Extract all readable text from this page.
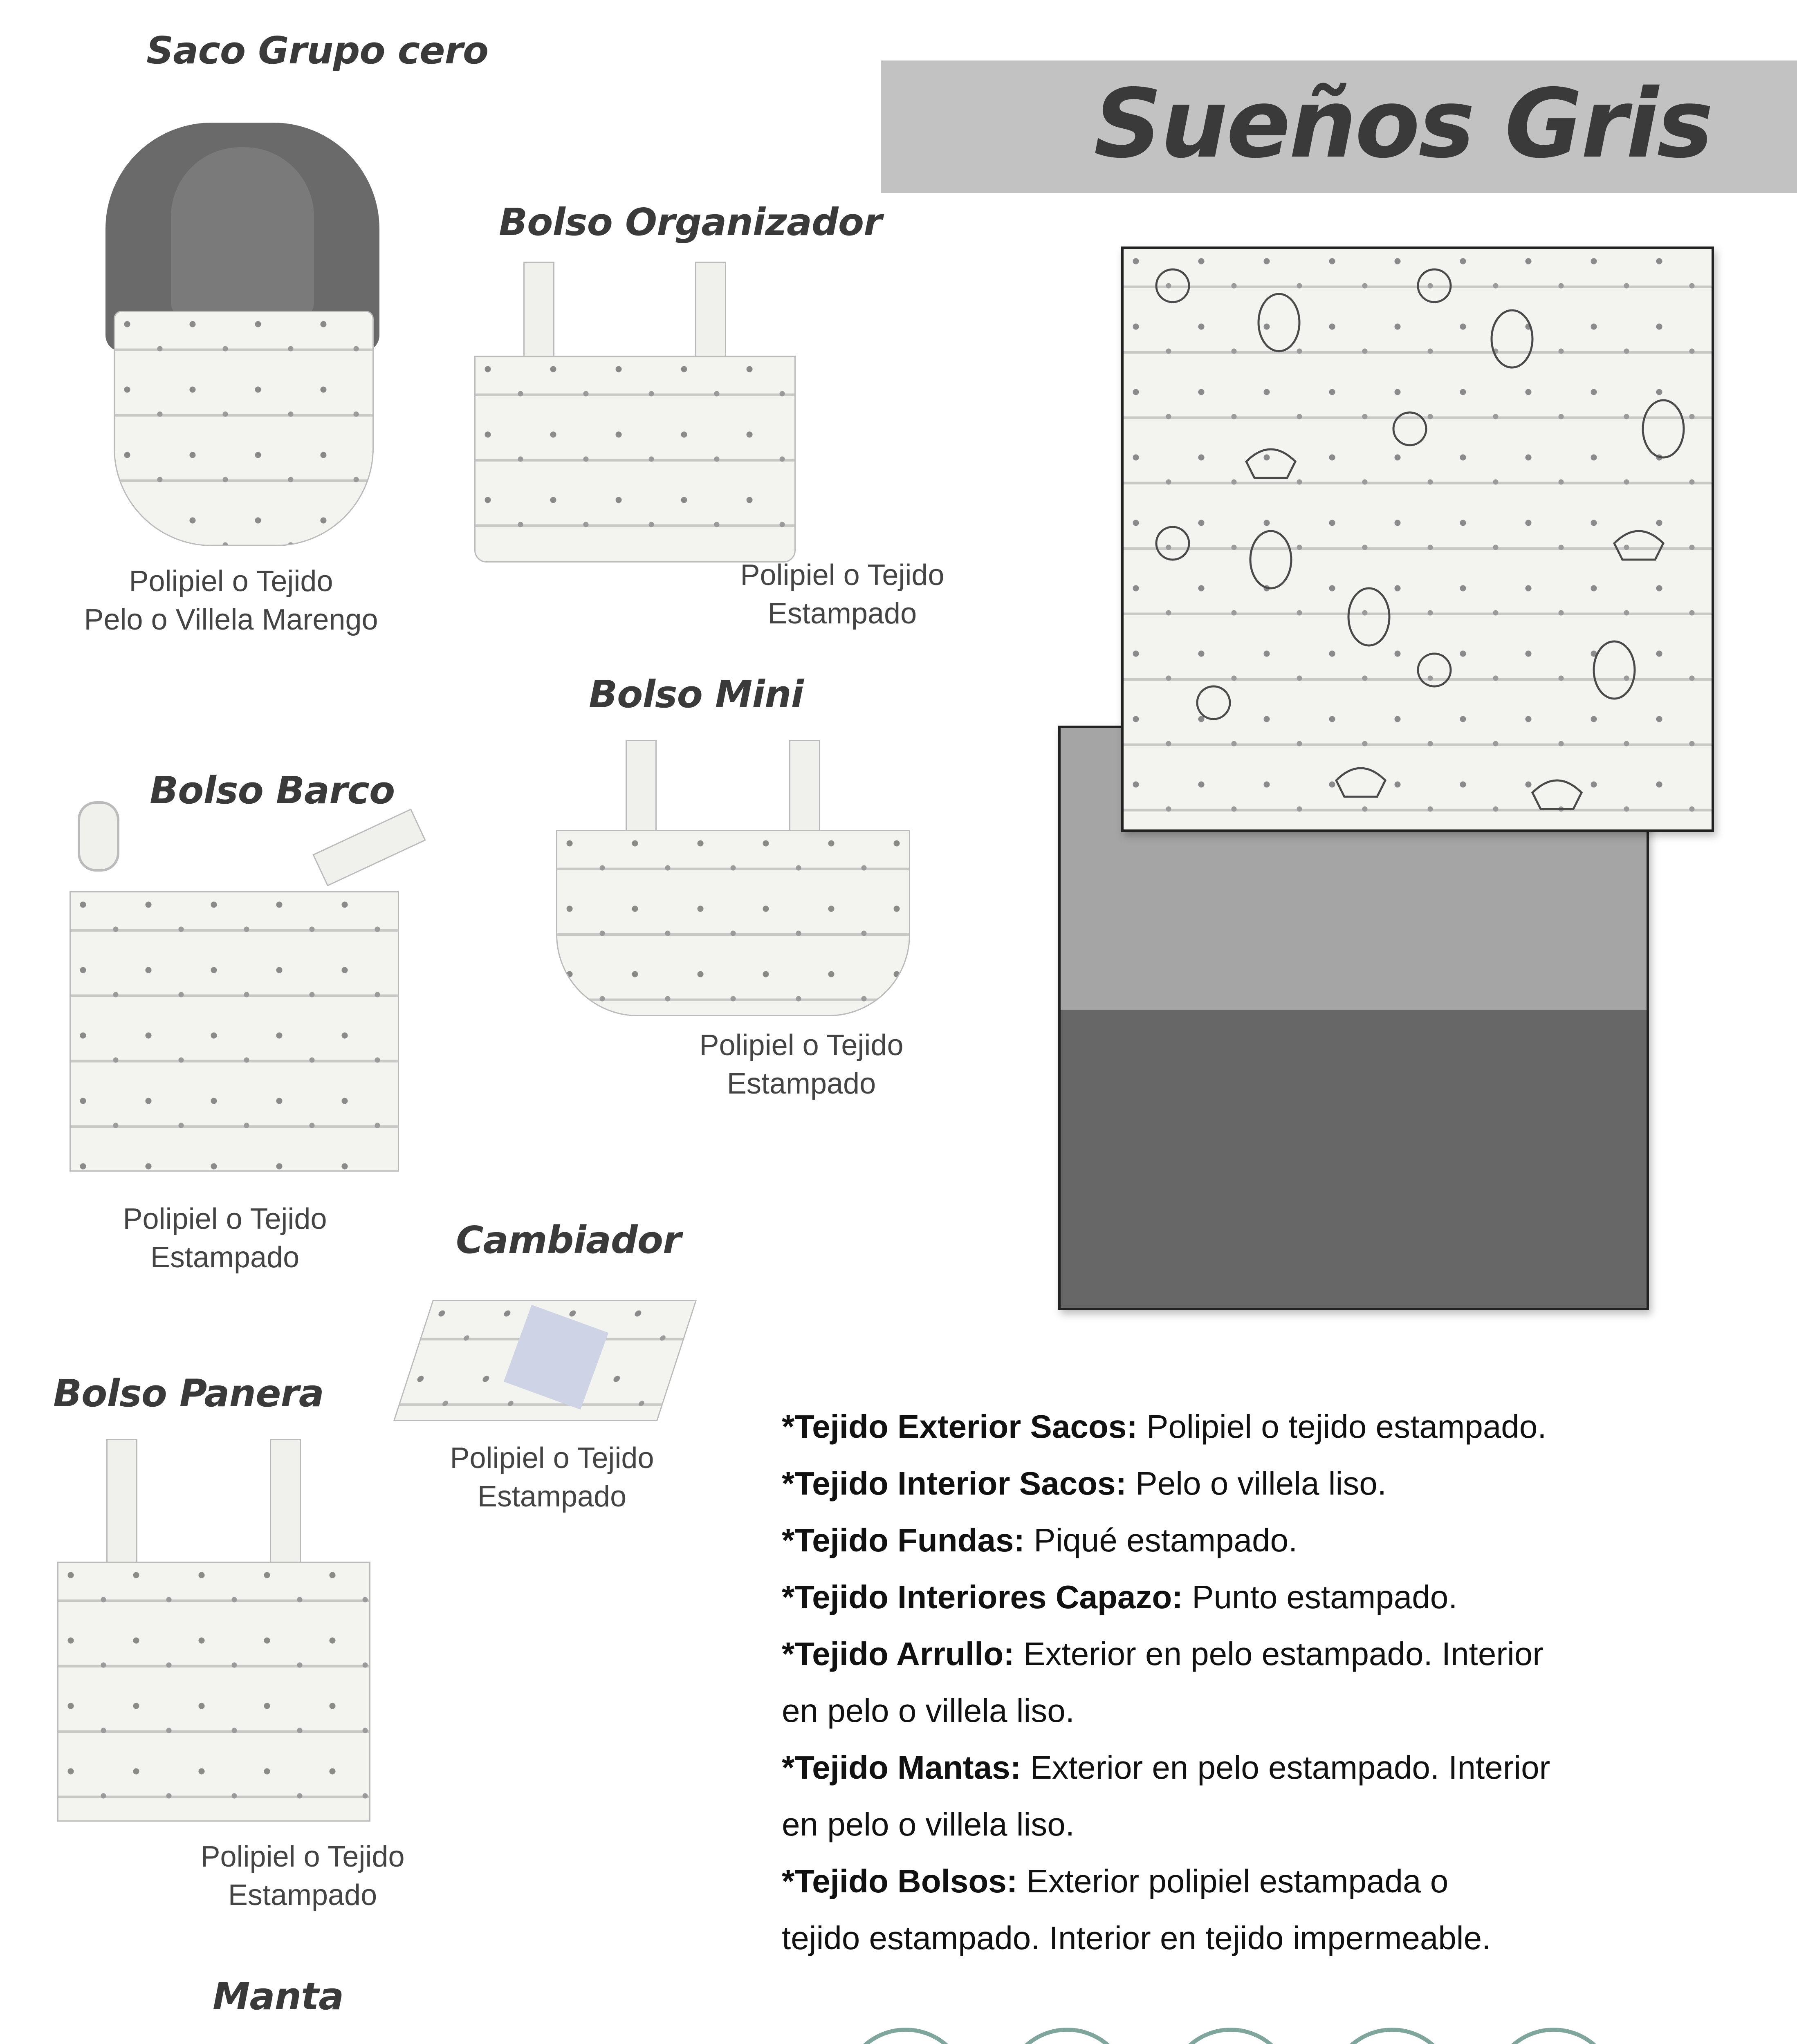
Sueños Gris
Saco Grupo cero
Polipiel o Tejido
Pelo o Villela Marengo
Bolso Organizador
Polipiel o Tejido
Estampado
Bolso Mini
Polipiel o Tejido
Estampado
Bolso Barco
Polipiel o Tejido
Estampado	Cambiador
Polipiel o Tejido
Estampado
Bolso Panera
Polipiel o Tejido
Estampado
Manta
*Tejido Exterior Sacos: Polipiel o tejido estampado.
*Tejido Interior Sacos: Pelo o villela liso.
*Tejido Fundas: Piqué estampado.
*Tejido Interiores Capazo: Punto estampado.
*Tejido Arrullo: Exterior en pelo estampado. Interior
en pelo o villela liso.
*Tejido Mantas: Exterior en pelo estampado. Interior
en pelo o villela liso.
*Tejido Bolsos: Exterior polipiel estampada o
tejido estampado. Interior en tejido impermeable.
